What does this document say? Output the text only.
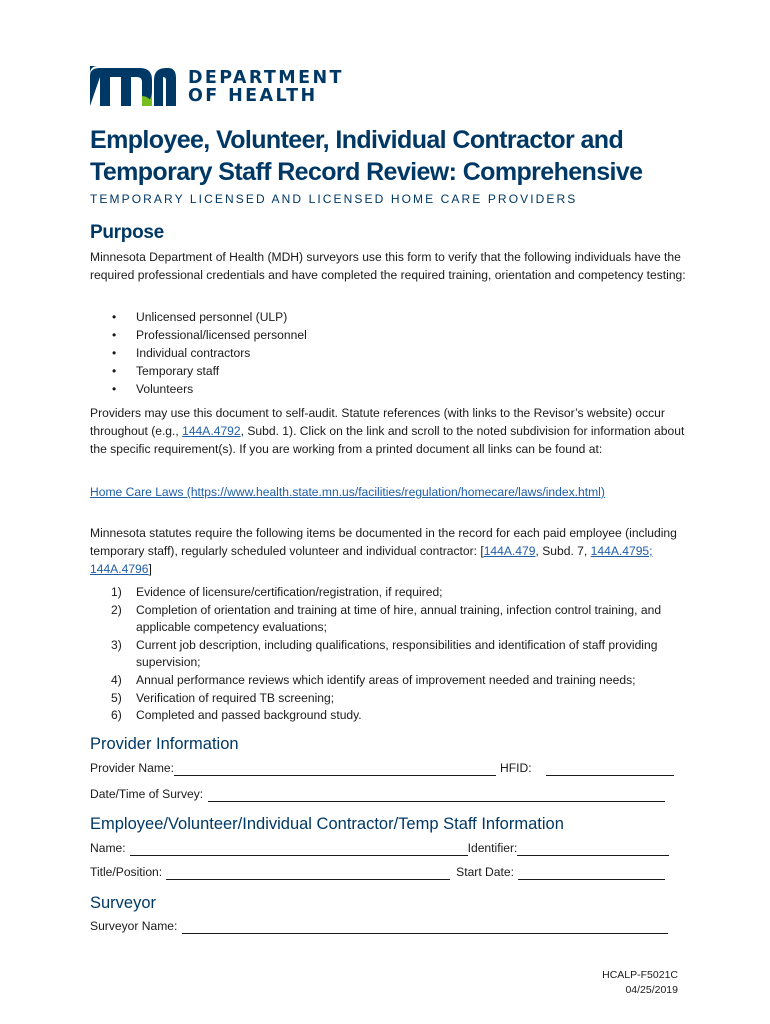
DEPARTMENT
OF HEALTH
Employee, Volunteer, Individual Contractor and Temporary Staff Record Review: Comprehensive

TEMPORARY LICENSED AND LICENSED HOME CARE PROVIDERS

Purpose

Minnesota Department of Health (MDH) surveyors use this form to verify that the following individuals have the required professional credentials and have completed the required training, orientation and competency testing:

• Unlicensed personnel (ULP)
• Professional/licensed personnel
• Individual contractors
• Temporary staff
• Volunteers

Providers may use this document to self-audit. Statute references (with links to the Revisor’s website) occur throughout (e.g., 144A.4792, Subd. 1). Click on the link and scroll to the noted subdivision for information about the specific requirement(s). If you are working from a printed document all links can be found at:

Home Care Laws (https://www.health.state.mn.us/facilities/regulation/homecare/laws/index.html)

Minnesota statutes require the following items be documented in the record for each paid employee (including temporary staff), regularly scheduled volunteer and individual contractor: [144A.479, Subd. 7, 144A.4795; 144A.4796]

1) Evidence of licensure/certification/registration, if required;
2) Completion of orientation and training at time of hire, annual training, infection control training, and applicable competency evaluations;
3) Current job description, including qualifications, responsibilities and identification of staff providing supervision;
4) Annual performance reviews which identify areas of improvement needed and training needs;
5) Verification of required TB screening;
6) Completed and passed background study.
Provider Information
Provider Name:	HFID:
Date/Time of Survey:
Employee/Volunteer/Individual Contractor/Temp Staff Information
Name:	Identifier:
Title/Position:	Start Date:
Surveyor
Surveyor Name:
HCALP-F5021C
04/25/2019
